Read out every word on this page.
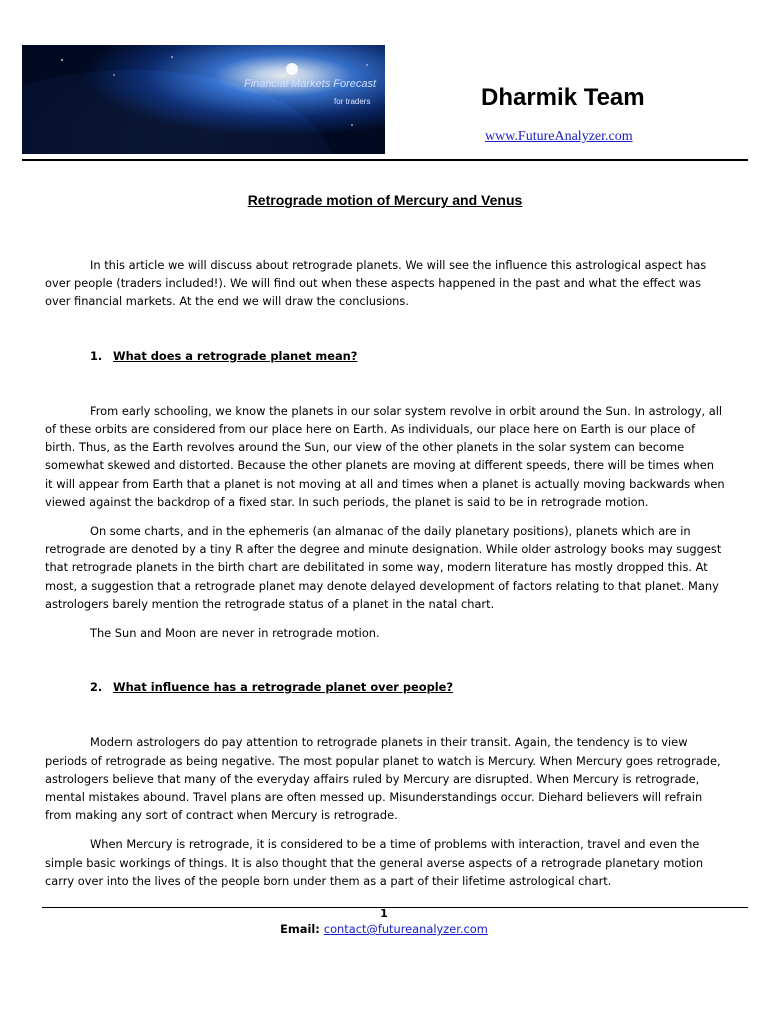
Financial Markets Forecast
for traders	Dharmik Team
www.FutureAnalyzer.com
Retrograde motion of Mercury and Venus

In this article we will discuss about retrograde planets. We will see the influence this astrological aspect has over people (traders included!). We will find out when these aspects happened in the past and what the effect was over financial markets. At the end we will draw the conclusions.

1. What does a retrograde planet mean?

From early schooling, we know the planets in our solar system revolve in orbit around the Sun. In astrology, all of these orbits are considered from our place here on Earth. As individuals, our place here on Earth is our place of birth. Thus, as the Earth revolves around the Sun, our view of the other planets in the solar system can become somewhat skewed and distorted. Because the other planets are moving at different speeds, there will be times when it will appear from Earth that a planet is not moving at all and times when a planet is actually moving backwards when viewed against the backdrop of a fixed star. In such periods, the planet is said to be in retrograde motion.

On some charts, and in the ephemeris (an almanac of the daily planetary positions), planets which are in retrograde are denoted by a tiny R after the degree and minute designation. While older astrology books may suggest that retrograde planets in the birth chart are debilitated in some way, modern literature has mostly dropped this. At most, a suggestion that a retrograde planet may denote delayed development of factors relating to that planet. Many astrologers barely mention the retrograde status of a planet in the natal chart.

The Sun and Moon are never in retrograde motion.

2. What influence has a retrograde planet over people?

Modern astrologers do pay attention to retrograde planets in their transit. Again, the tendency is to view periods of retrograde as being negative. The most popular planet to watch is Mercury. When Mercury goes retrograde, astrologers believe that many of the everyday affairs ruled by Mercury are disrupted. When Mercury is retrograde, mental mistakes abound. Travel plans are often messed up. Misunderstandings occur. Diehard believers will refrain from making any sort of contract when Mercury is retrograde.

When Mercury is retrograde, it is considered to be a time of problems with interaction, travel and even the simple basic workings of things. It is also thought that the general averse aspects of a retrograde planetary motion carry over into the lives of the people born under them as a part of their lifetime astrological chart.

1
Email: contact@futureanalyzer.com
